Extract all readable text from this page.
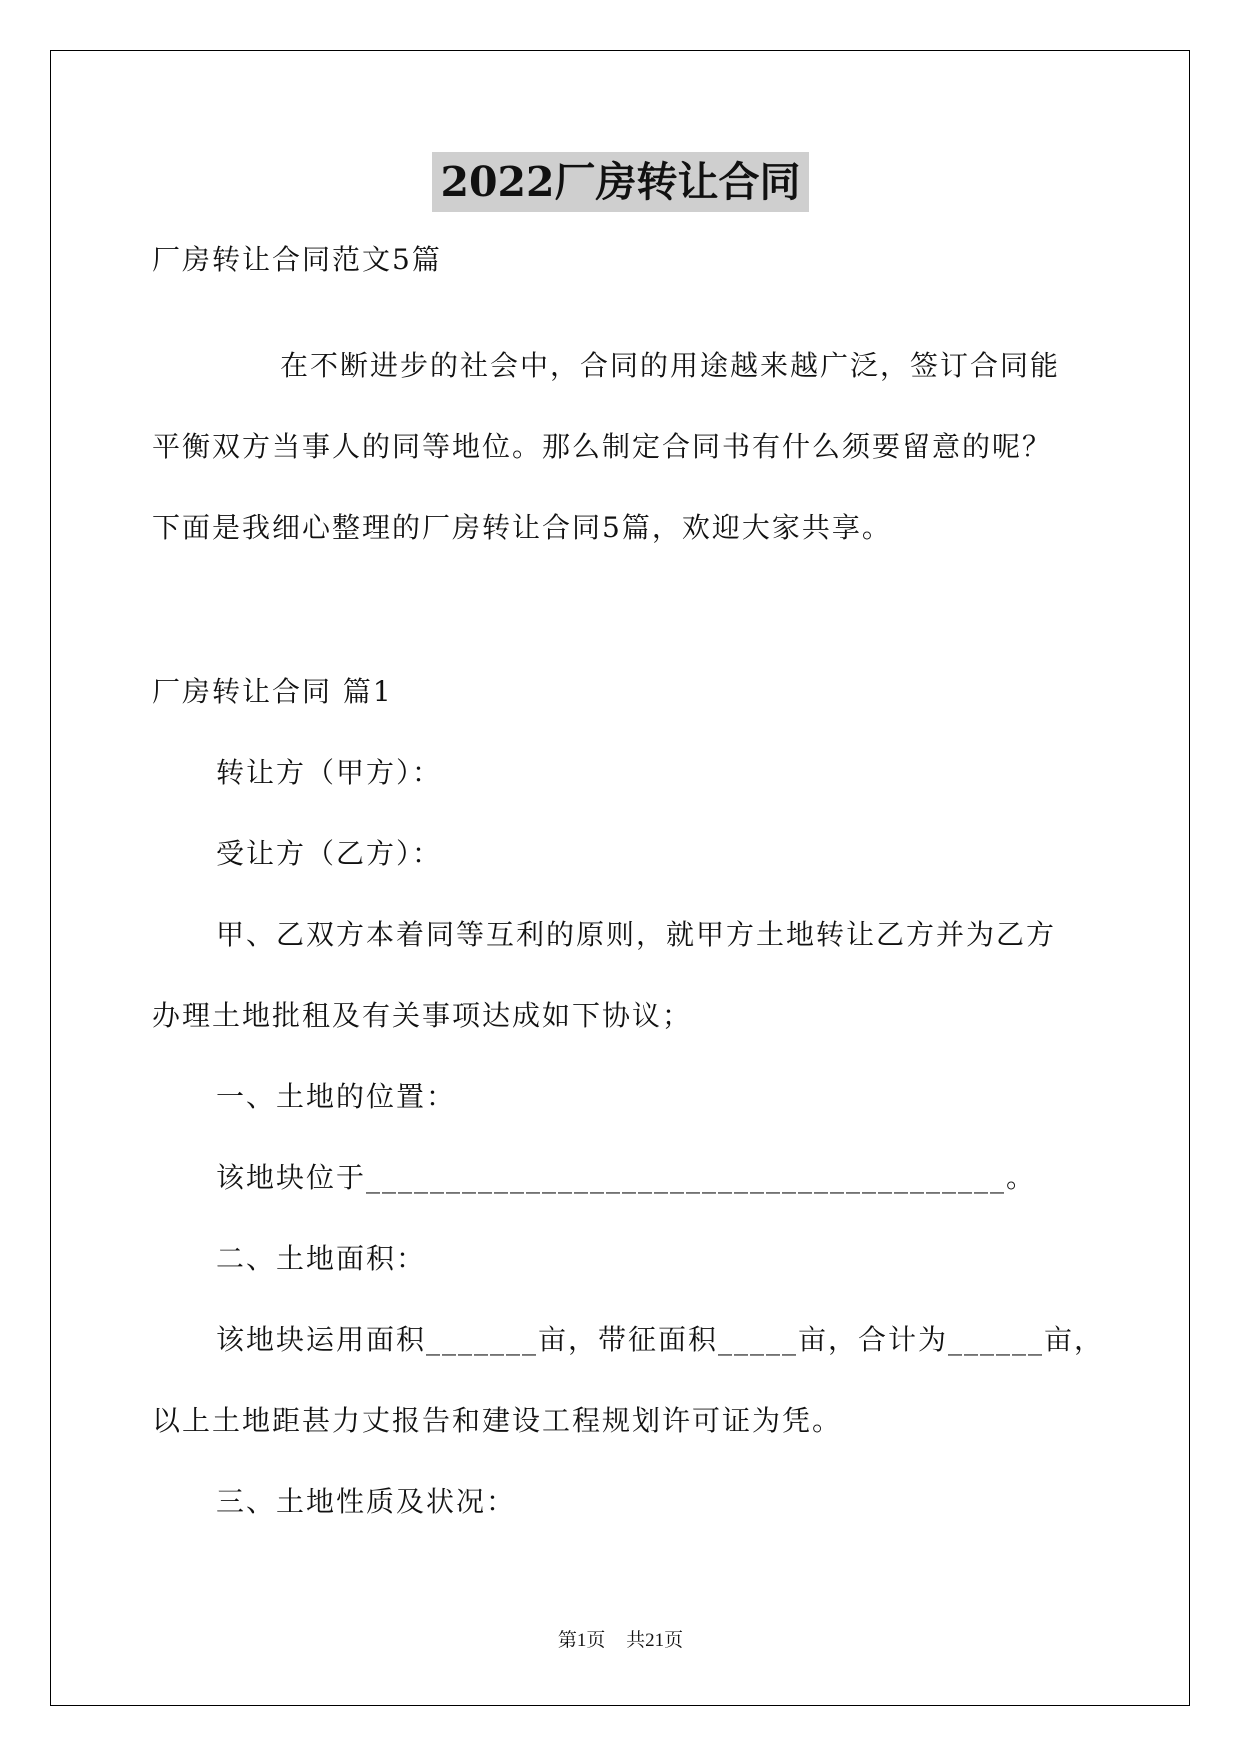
2022厂房转让合同
厂房转让合同范文5篇
在不断进步的社会中，合同的用途越来越广泛，签订合同能
平衡双方当事人的同等地位。那么制定合同书有什么须要留意的呢？
下面是我细心整理的厂房转让合同5篇，欢迎大家共享。
厂房转让合同 篇1
转让方（甲方）：
受让方（乙方）：
甲、乙双方本着同等互利的原则，就甲方土地转让乙方并为乙方
办理土地批租及有关事项达成如下协议；
一、土地的位置：
该地块位于________________________________________。
二、土地面积：
该地块运用面积_______亩，带征面积_____亩，合计为______亩，
以上土地距甚力丈报告和建设工程规划许可证为凭。
三、土地性质及状况：
第1页 共21页
